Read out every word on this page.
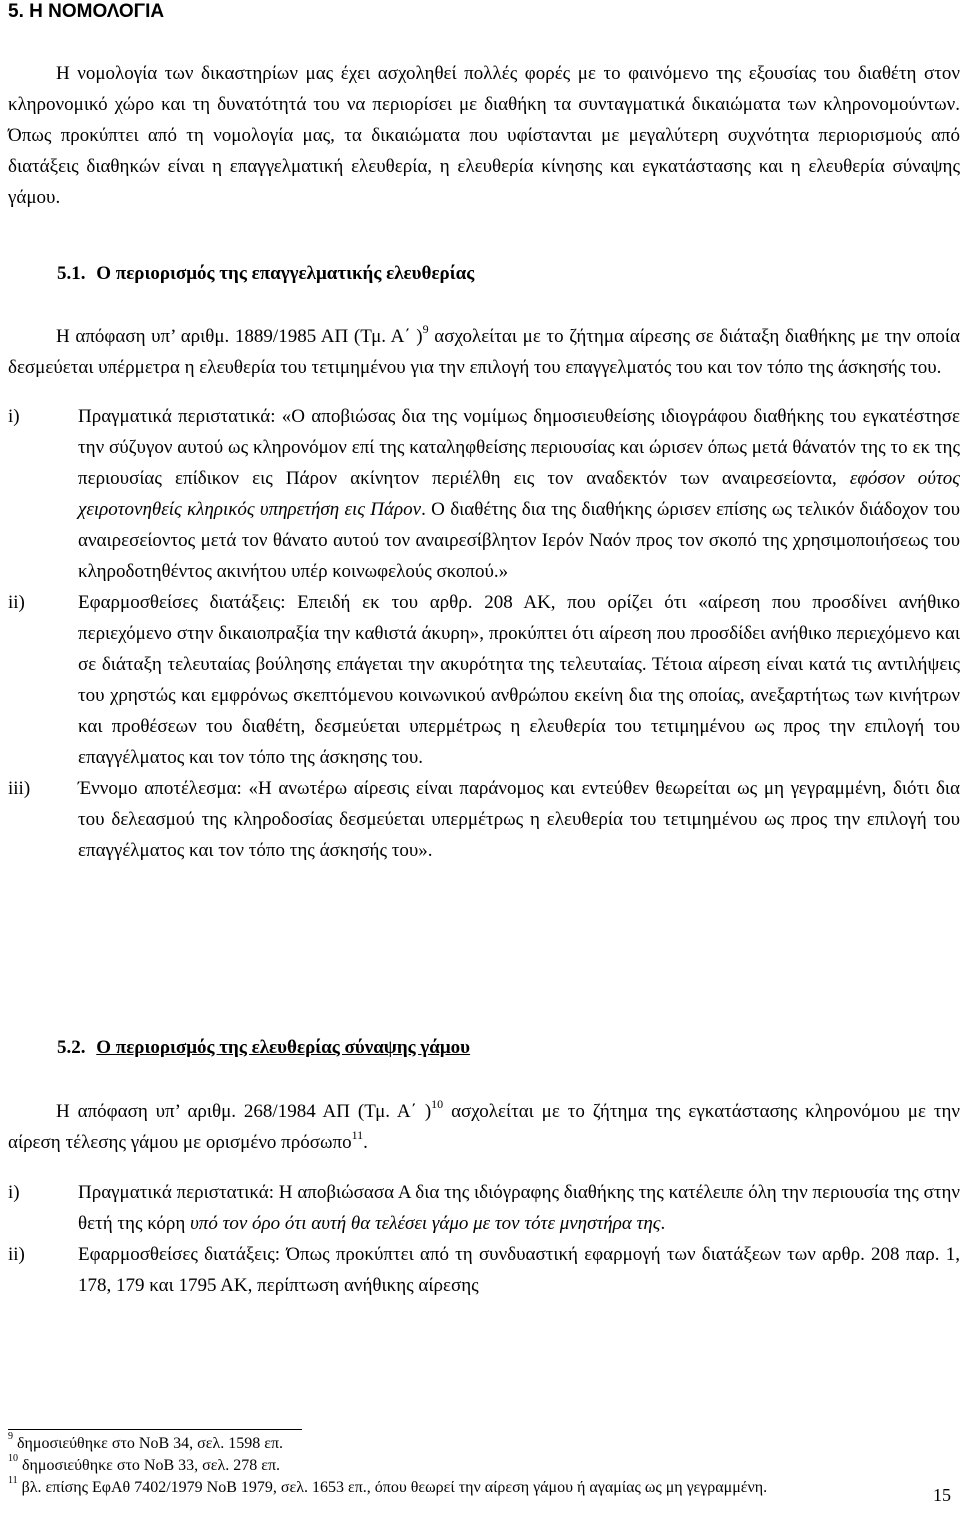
5. Η ΝΟΜΟΛΟΓΙΑ

Η νομολογία των δικαστηρίων μας έχει ασχοληθεί πολλές φορές με το φαινόμενο της εξουσίας του διαθέτη στον κληρονομικό χώρο και τη δυνατότητά του να περιορίσει με διαθήκη τα συνταγματικά δικαιώματα των κληρονομούντων. Όπως προκύπτει από τη νομολογία μας, τα δικαιώματα που υφίστανται με μεγαλύτερη συχνότητα περιορισμούς από διατάξεις διαθηκών είναι η επαγγελματική ελευθερία, η ελευθερία κίνησης και εγκατάστασης και η ελευθερία σύναψης γάμου.

5.1. Ο περιορισμός της επαγγελματικής ελευθερίας

Η απόφαση υπ’ αριθμ. 1889/1985 ΑΠ (Τμ. Α΄ )$^9$ ασχολείται με το ζήτημα αίρεσης σε διάταξη διαθήκης με την οποία δεσμεύεται υπέρμετρα η ελευθερία του τετιμημένου για την επιλογή του επαγγελματός του και τον τόπο της άσκησής του.

i)	Πραγματικά περιστατικά: «Ο αποβιώσας δια της νομίμως δημοσιευθείσης ιδιογράφου διαθήκης του εγκατέστησε την σύζυγον αυτού ως κληρονόμον επί της καταληφθείσης περιουσίας και ώρισεν όπως μετά θάνατόν της το εκ της περιουσίας επίδικον εις Πάρον ακίνητον περιέλθη εις τον αναδεκτόν των αναιρεσείοντα, εφόσον ούτος χειροτονηθείς κληρικός υπηρετήση εις Πάρον. Ο διαθέτης δια της διαθήκης ώρισεν επίσης ως τελικόν διάδοχον του αναιρεσείοντος μετά τον θάνατο αυτού τον αναιρεσίβλητον Ιερόν Ναόν προς τον σκοπό της χρησιμοποιήσεως του κληροδοτηθέντος ακινήτου υπέρ κοινωφελούς σκοπού.»
ii)	Εφαρμοσθείσες διατάξεις: Επειδή εκ του αρθρ. 208 ΑΚ, που ορίζει ότι «αίρεση που προσδίνει ανήθικο περιεχόμενο στην δικαιοπραξία την καθιστά άκυρη», προκύπτει ότι αίρεση που προσδίδει ανήθικο περιεχόμενο και σε διάταξη τελευταίας βούλησης επάγεται την ακυρότητα της τελευταίας. Τέτοια αίρεση είναι κατά τις αντιλήψεις του χρηστώς και εμφρόνως σκεπτόμενου κοινωνικού ανθρώπου εκείνη δια της οποίας, ανεξαρτήτως των κινήτρων και προθέσεων του διαθέτη, δεσμεύεται υπερμέτρως η ελευθερία του τετιμημένου ως προς την επιλογή του επαγγέλματος και τον τόπο της άσκησης του.
iii)	Έννομο αποτέλεσμα: «Η ανωτέρω αίρεσις είναι παράνομος και εντεύθεν θεωρείται ως μη γεγραμμένη, διότι δια του δελεασμού της κληροδοσίας δεσμεύεται υπερμέτρως η ελευθερία του τετιμημένου ως προς την επιλογή του επαγγέλματος και τον τόπο της άσκησής του».
5.2. Ο περιορισμός της ελευθερίας σύναψης γάμου

Η απόφαση υπ’ αριθμ. 268/1984 ΑΠ (Τμ. Α΄ )$^{10}$ ασχολείται με το ζήτημα της εγκατάστασης κληρονόμου με την αίρεση τέλεσης γάμου με ορισμένο πρόσωπο$^{11}$.

i)	Πραγματικά περιστατικά: Η αποβιώσασα Α δια της ιδιόγραφης διαθήκης της κατέλειπε όλη την περιουσία της στην θετή της κόρη υπό τον όρο ότι αυτή θα τελέσει γάμο με τον τότε μνηστήρα της.
ii)	Εφαρμοσθείσες διατάξεις: Όπως προκύπτει από τη συνδυαστική εφαρμογή των διατάξεων των αρθρ. 208 παρ. 1, 178, 179 και 1795 ΑΚ, περίπτωση ανήθικης αίρεσης

$^9$ δημοσιεύθηκε στο ΝοΒ 34, σελ. 1598 επ.

$^{10}$ δημοσιεύθηκε στο ΝοΒ 33, σελ. 278 επ.

$^{11}$ βλ. επίσης ΕφΑθ 7402/1979 ΝοΒ 1979, σελ. 1653 επ., όπου θεωρεί την αίρεση γάμου ή αγαμίας ως μη γεγραμμένη.	15
